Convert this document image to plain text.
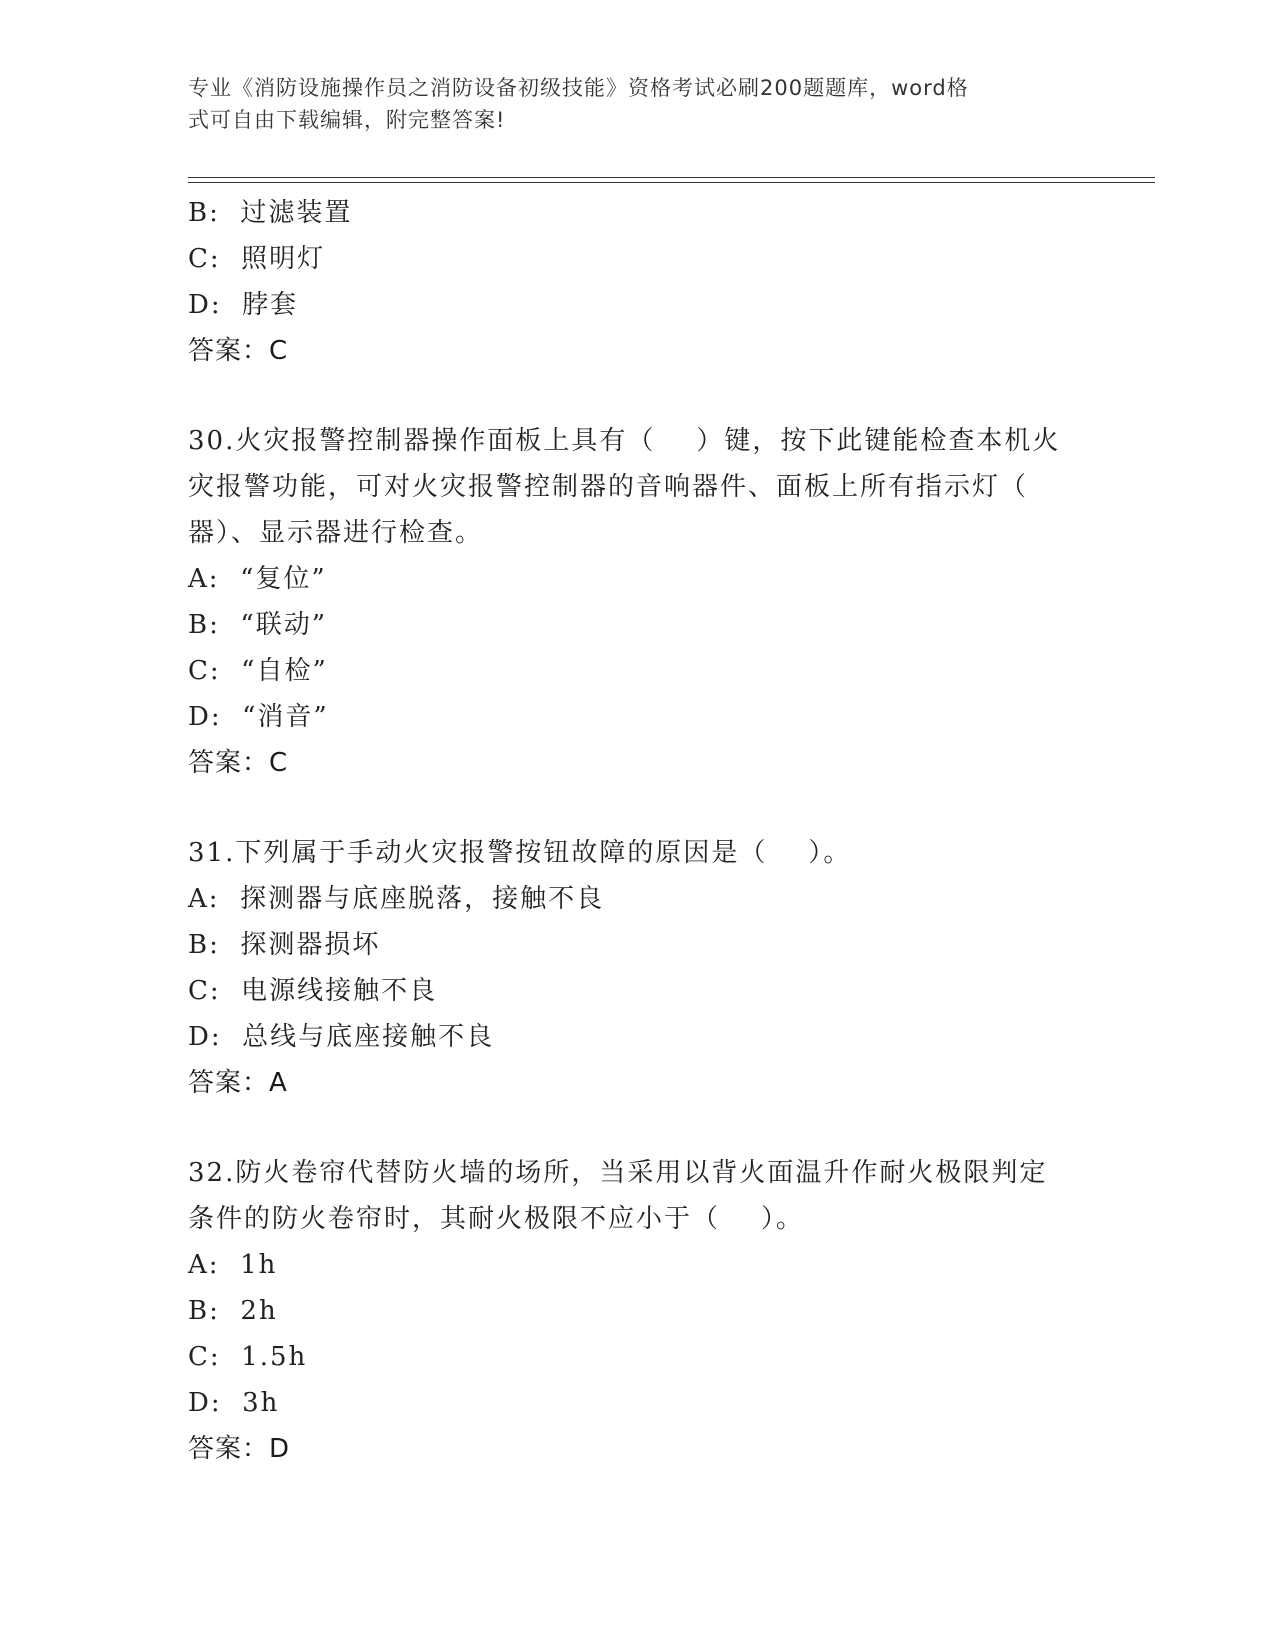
专业《消防设施操作员之消防设备初级技能》资格考试必刷200题题库，word格
式可自由下载编辑，附完整答案!
B:  过滤装置
C:  照明灯
D:  脖套
答案：C
30.火灾报警控制器操作面板上具有（    ）键，按下此键能检查本机火
灾报警功能，可对火灾报警控制器的音响器件、面板上所有指示灯（
器）、显示器进行检查。
A:  “复位”
B:  “联动”
C:  “自检”
D:  “消音”
答案：C
31.下列属于手动火灾报警按钮故障的原因是（    ）。
A:  探测器与底座脱落，接触不良
B:  探测器损坏
C:  电源线接触不良
D:  总线与底座接触不良
答案：A
32.防火卷帘代替防火墙的场所，当采用以背火面温升作耐火极限判定
条件的防火卷帘时，其耐火极限不应小于（    ）。
A:  1h
B:  2h
C:  1.5h
D:  3h
答案：D
